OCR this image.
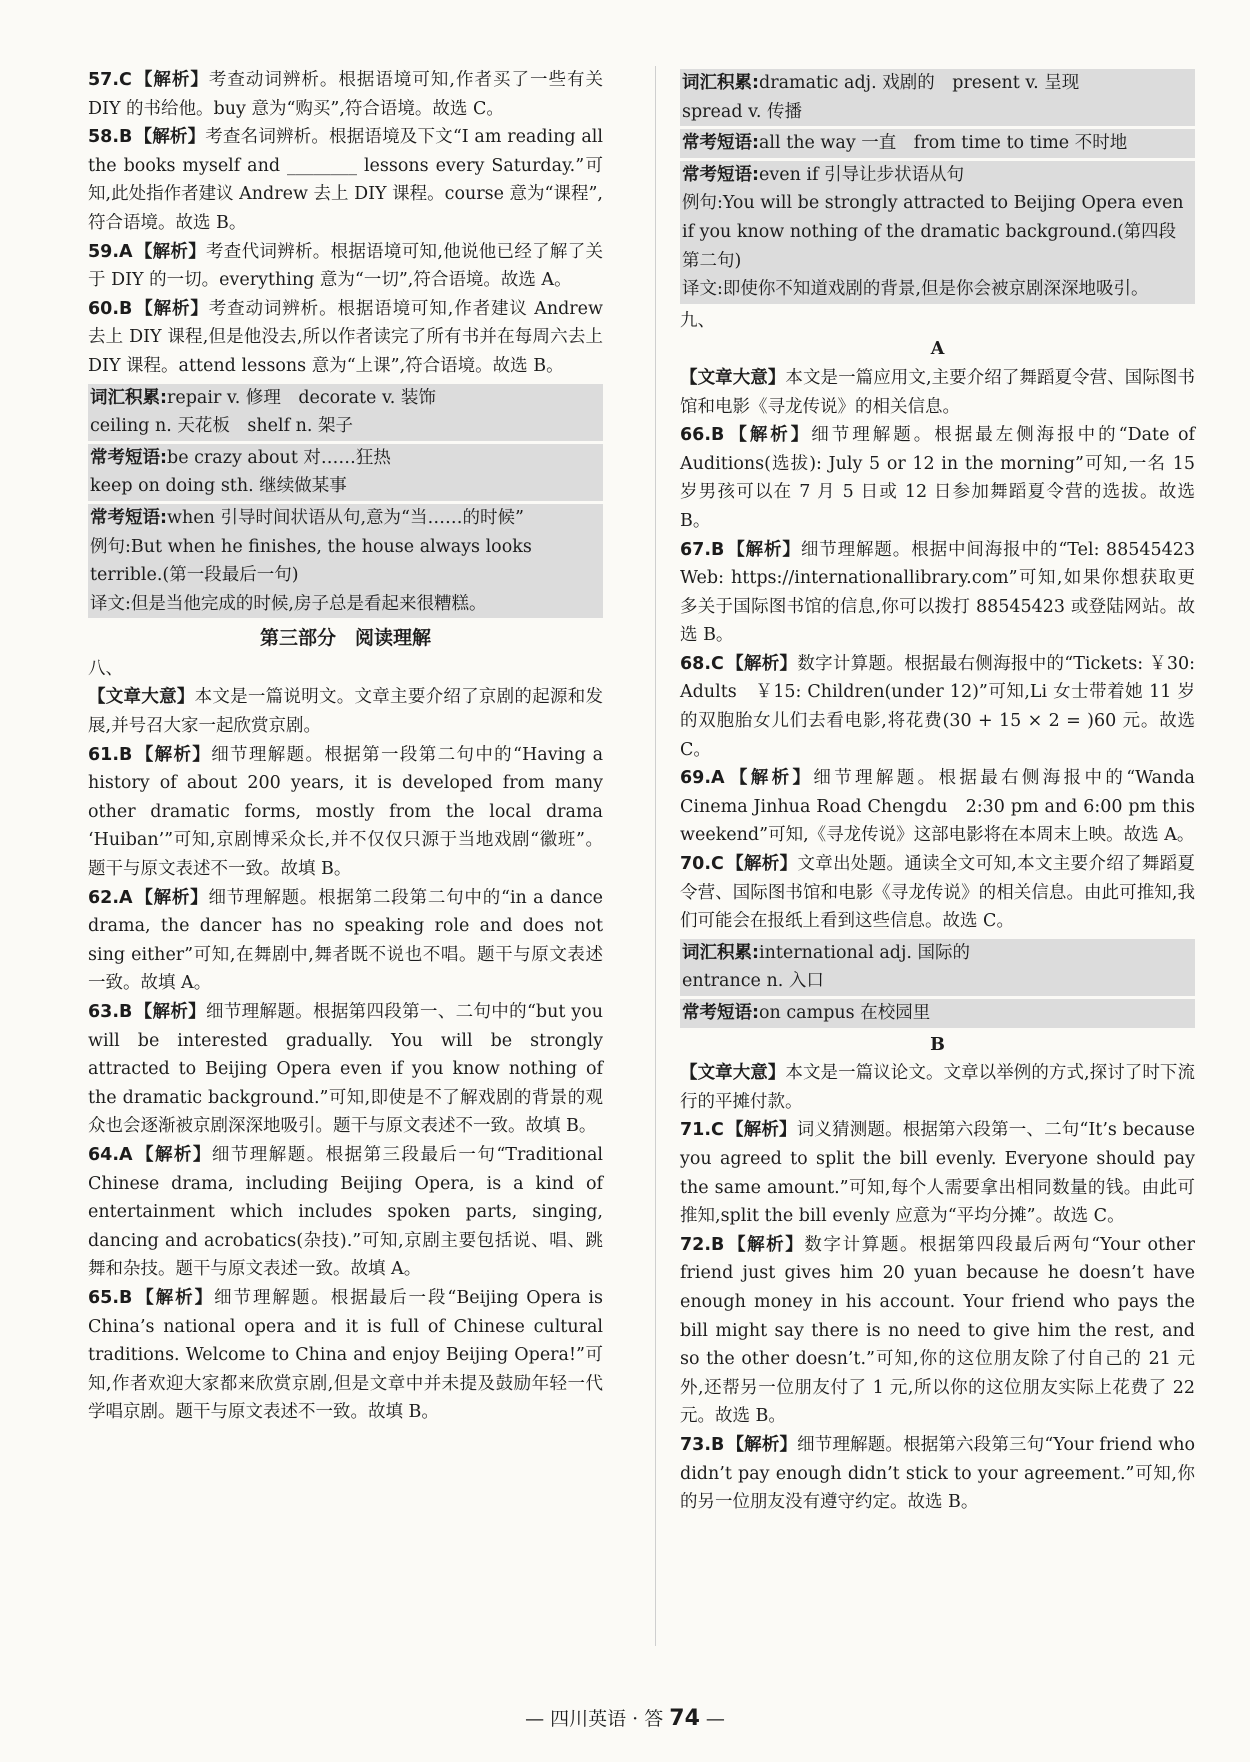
57.C 【解析】考查动词辨析。根据语境可知,作者买了一些有关 DIY 的书给他。buy 意为“购买”,符合语境。故选 C。

58.B 【解析】考查名词辨析。根据语境及下文“I am reading all the books myself and ________ lessons every Saturday.”可知,此处指作者建议 Andrew 去上 DIY 课程。course 意为“课程”,符合语境。故选 B。

59.A 【解析】考查代词辨析。根据语境可知,他说他已经了解了关于 DIY 的一切。everything 意为“一切”,符合语境。故选 A。

60.B 【解析】考查动词辨析。根据语境可知,作者建议 Andrew 去上 DIY 课程,但是他没去,所以作者读完了所有书并在每周六去上 DIY 课程。attend lessons 意为“上课”,符合语境。故选 B。

词汇积累:repair v. 修理　decorate v. 装饰

ceiling n. 天花板　shelf n. 架子

常考短语:be crazy about 对……狂热

keep on doing sth. 继续做某事

常考短语:when 引导时间状语从句,意为“当……的时候”

例句:But when he finishes, the house always looks terrible.(第一段最后一句)

译文:但是当他完成的时候,房子总是看起来很糟糕。

第三部分　阅读理解

八、

【文章大意】本文是一篇说明文。文章主要介绍了京剧的起源和发展,并号召大家一起欣赏京剧。

61.B 【解析】细节理解题。根据第一段第二句中的“Having a history of about 200 years, it is developed from many other dramatic forms, mostly from the local drama ‘Huiban’”可知,京剧博采众长,并不仅仅只源于当地戏剧“徽班”。题干与原文表述不一致。故填 B。

62.A 【解析】细节理解题。根据第二段第二句中的“in a dance drama, the dancer has no speaking role and does not sing either”可知,在舞剧中,舞者既不说也不唱。题干与原文表述一致。故填 A。

63.B 【解析】细节理解题。根据第四段第一、二句中的“but you will be interested gradually. You will be strongly attracted to Beijing Opera even if you know nothing of the dramatic background.”可知,即使是不了解戏剧的背景的观众也会逐渐被京剧深深地吸引。题干与原文表述不一致。故填 B。

64.A 【解析】细节理解题。根据第三段最后一句“Traditional Chinese drama, including Beijing Opera, is a kind of entertainment which includes spoken parts, singing, dancing and acrobatics(杂技).”可知,京剧主要包括说、唱、跳舞和杂技。题干与原文表述一致。故填 A。

65.B 【解析】细节理解题。根据最后一段“Beijing Opera is China’s national opera and it is full of Chinese cultural traditions. Welcome to China and enjoy Beijing Opera!”可知,作者欢迎大家都来欣赏京剧,但是文章中并未提及鼓励年轻一代学唱京剧。题干与原文表述不一致。故填 B。

词汇积累:dramatic adj. 戏剧的　present v. 呈现

spread v. 传播

常考短语:all the way 一直　from time to time 不时地

常考短语:even if 引导让步状语从句

例句:You will be strongly attracted to Beijing Opera even if you know nothing of the dramatic background.(第四段第二句)

译文:即使你不知道戏剧的背景,但是你会被京剧深深地吸引。

九、

A

【文章大意】本文是一篇应用文,主要介绍了舞蹈夏令营、国际图书馆和电影《寻龙传说》的相关信息。

66.B 【解析】细节理解题。根据最左侧海报中的“Date of Auditions(选拔): July 5 or 12 in the morning”可知,一名 15 岁男孩可以在 7 月 5 日或 12 日参加舞蹈夏令营的选拔。故选 B。

67.B 【解析】细节理解题。根据中间海报中的“Tel: 88545423 Web: https://internationallibrary.com”可知,如果你想获取更多关于国际图书馆的信息,你可以拨打 88545423 或登陆网站。故选 B。

68.C 【解析】数字计算题。根据最右侧海报中的“Tickets: ￥30: Adults　￥15: Children(under 12)”可知,Li 女士带着她 11 岁的双胞胎女儿们去看电影,将花费(30 + 15 × 2 = )60 元。故选 C。

69.A 【解析】细节理解题。根据最右侧海报中的“Wanda Cinema Jinhua Road Chengdu　2:30 pm and 6:00 pm this weekend”可知,《寻龙传说》这部电影将在本周末上映。故选 A。

70.C 【解析】文章出处题。通读全文可知,本文主要介绍了舞蹈夏令营、国际图书馆和电影《寻龙传说》的相关信息。由此可推知,我们可能会在报纸上看到这些信息。故选 C。

词汇积累:international adj. 国际的

entrance n. 入口

常考短语:on campus 在校园里

B

【文章大意】本文是一篇议论文。文章以举例的方式,探讨了时下流行的平摊付款。

71.C 【解析】词义猜测题。根据第六段第一、二句“It’s because you agreed to split the bill evenly. Everyone should pay the same amount.”可知,每个人需要拿出相同数量的钱。由此可推知,split the bill evenly 应意为“平均分摊”。故选 C。

72.B 【解析】数字计算题。根据第四段最后两句“Your other friend just gives him 20 yuan because he doesn’t have enough money in his account. Your friend who pays the bill might say there is no need to give him the rest, and so the other doesn’t.”可知,你的这位朋友除了付自己的 21 元外,还帮另一位朋友付了 1 元,所以你的这位朋友实际上花费了 22 元。故选 B。

73.B 【解析】细节理解题。根据第六段第三句“Your friend who didn’t pay enough didn’t stick to your agreement.”可知,你的另一位朋友没有遵守约定。故选 B。

— 四川英语 · 答 74 —
